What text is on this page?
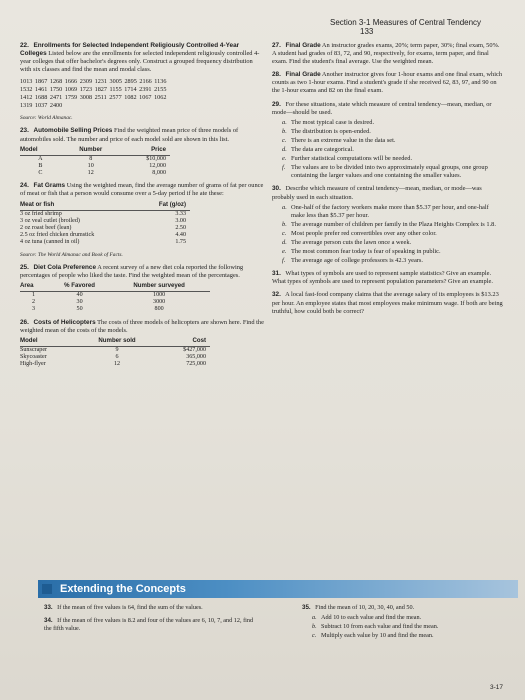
Section 3-1 Measures of Central Tendency 133
22. Enrollments for Selected Independent Religiously Controlled 4-Year Colleges Listed below are the enrollments for selected independent religiously controlled 4-year colleges that offer bachelor's degrees only. Construct a grouped frequency distribution with six classes and find the mean and modal class.
1013 1867 1268 1666 2309 1231 3005 2895 2166 1136
1532 1461 1750 1069 1723 1827 1155 1714 2391 2155
1412 1688 2471 1759 3008 2511 2577 1082 1067 1062
1319 1037 2400
Source: World Almanac.
23. Automobile Selling Prices Find the weighted mean price of three models of automobiles sold. The number and price of each model sold are shown in this list.
Model	Number	Price
A	8	$10,000
B	10	12,000
C	12	8,000
24. Fat Grams Using the weighted mean, find the average number of grams of fat per ounce of meat or fish that a person would consume over a 5-day period if he ate these:
Meat or fish	Fat (g/oz)
3 oz fried shrimp	3.33
3 oz veal cutlet (broiled)	3.00
2 oz roast beef (lean)	2.50
2.5 oz fried chicken drumstick	4.40
4 oz tuna (canned in oil)	1.75
Source: The World Almanac and Book of Facts.
25. Diet Cola Preference A recent survey of a new diet cola reported the following percentages of people who liked the taste. Find the weighted mean of the percentages.
Area	% Favored	Number surveyed
1	40	1000
2	30	3000
3	50	800
26. Costs of Helicopters The costs of three models of helicopters are shown here. Find the weighted mean of the costs of the models.
Model	Number sold	Cost
Sunscraper	9	$427,000
Skycoaster	6	365,000
High-flyer	12	725,000
27. Final Grade An instructor grades exams, 20%; term paper, 30%; final exam, 50%. A student had grades of 83, 72, and 90, respectively, for exams, term paper, and final exam. Find the student's final average. Use the weighted mean.
28. Final Grade Another instructor gives four 1-hour exams and one final exam, which counts as two 1-hour exams. Find a student's grade if she received 62, 83, 97, and 90 on the 1-hour exams and 82 on the final exam.
29. For these situations, state which measure of central tendency—mean, median, or mode—should be used.
a. The most typical case is desired.
b. The distribution is open-ended.
c. There is an extreme value in the data set.
d. The data are categorical.
e. Further statistical computations will be needed.
f. The values are to be divided into two approximately equal groups, one group containing the larger values and one containing the smaller values.
30. Describe which measure of central tendency—mean, median, or mode—was probably used in each situation.
a. One-half of the factory workers make more than $5.37 per hour, and one-half make less than $5.37 per hour.
b. The average number of children per family in the Plaza Heights Complex is 1.8.
c. Most people prefer red convertibles over any other color.
d. The average person cuts the lawn once a week.
e. The most common fear today is fear of speaking in public.
f. The average age of college professors is 42.3 years.
31. What types of symbols are used to represent sample statistics? Give an example. What types of symbols are used to represent population parameters? Give an example.
32. A local fast-food company claims that the average salary of its employees is $13.23 per hour. An employee states that most employees make minimum wage. If both are being truthful, how could both be correct?
Extending the Concepts
33. If the mean of five values is 64, find the sum of the values.
34. If the mean of five values is 8.2 and four of the values are 6, 10, 7, and 12, find the fifth value.
35. Find the mean of 10, 20, 30, 40, and 50.
a. Add 10 to each value and find the mean.
b. Subtract 10 from each value and find the mean.
c. Multiply each value by 10 and find the mean.
3-17
